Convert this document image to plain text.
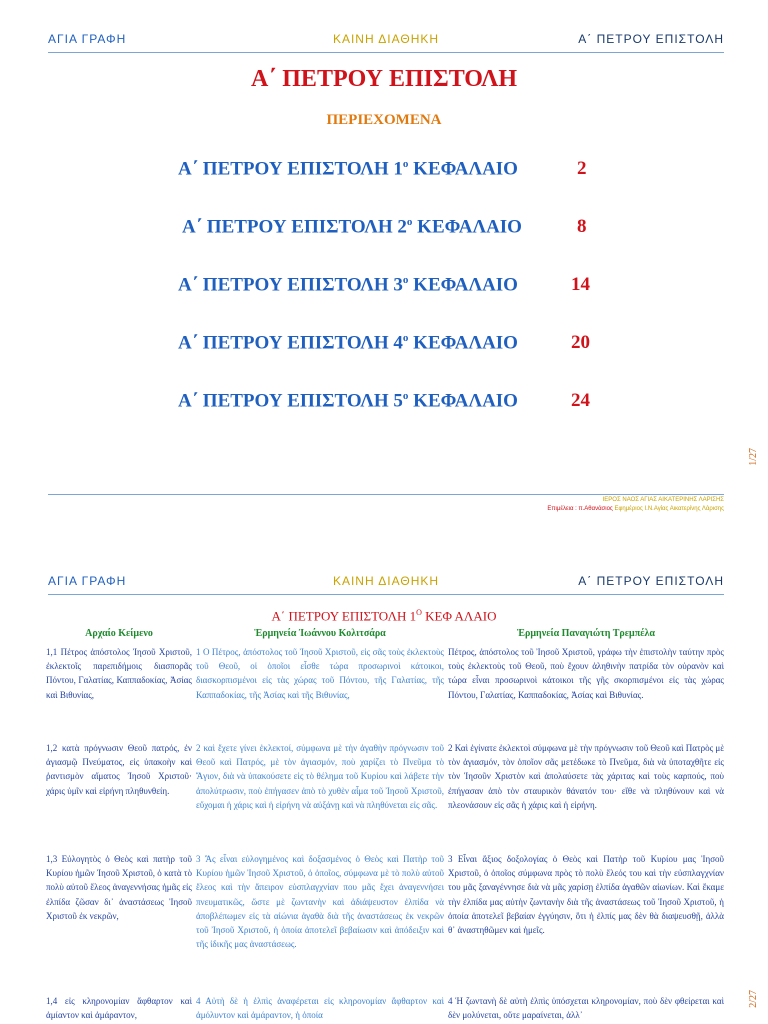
ΑΓΙΑ ΓΡΑΦΗ	ΚΑΙΝΗ ΔΙΑΘΗΚΗ	Α΄ ΠΕΤΡΟΥ ΕΠΙΣΤΟΛΗ
Α΄ ΠΕΤΡΟΥ ΕΠΙΣΤΟΛΗ
ΠΕΡΙΕΧΟΜΕΝΑ
Α΄ ΠΕΤΡΟΥ ΕΠΙΣΤΟΛΗ $1^o$ ΚΕΦΑΛΑΙΟ	2
Α΄ ΠΕΤΡΟΥ ΕΠΙΣΤΟΛΗ $2^o$ ΚΕΦΑΛΑΙΟ	8
Α΄ ΠΕΤΡΟΥ ΕΠΙΣΤΟΛΗ $3^o$ ΚΕΦΑΛΑΙΟ	14
Α΄ ΠΕΤΡΟΥ ΕΠΙΣΤΟΛΗ $4^o$ ΚΕΦΑΛΑΙΟ	20
Α΄ ΠΕΤΡΟΥ ΕΠΙΣΤΟΛΗ $5^o$ ΚΕΦΑΛΑΙΟ	24
1/27
ΙΕΡΟΣ ΝΑΟΣ ΑΓΙΑΣ ΑΙΚΑΤΕΡΙΝΗΣ ΛΑΡΙΣΗΣ
Επιμέλεια : π.Αθανάσιος Εφημέριος Ι.Ν.Αγίας Αικατερίνης Λάρισης
ΑΓΙΑ ΓΡΑΦΗ	ΚΑΙΝΗ ΔΙΑΘΗΚΗ	Α΄ ΠΕΤΡΟΥ ΕΠΙΣΤΟΛΗ
Α΄ ΠΕΤΡΟΥ ΕΠΙΣΤΟΛΗ $1^O$ ΚΕΦ ΑΛΑΙΟ
Αρχαίο Κείμενο	Ἑρμηνεία Ἰωάννου Κολιτσάρα	Ἑρμηνεία Παναγιώτη Τρεμπέλα
1,1 Πέτρος ἀπόστολος Ἰησοῦ Χριστοῦ, ἐκλεκτοῖς παρεπιδήμοις διασπορᾶς Πόντου, Γαλατίας, Καππαδοκίας, Ἀσίας καὶ Βιθυνίας,
1 Ο Πέτρος, ἀπόστολος τοῦ Ἰησοῦ Χριστοῦ, εἰς σᾶς τοὺς ἐκλεκτοὺς τοῦ Θεοῦ, οἱ ὁποῖοι εἶσθε τώρα προσωρινοὶ κάτοικοι, διασκορπισμένοι εἰς τὰς χώρας τοῦ Πόντου, τῆς Γαλατίας, τῆς Καππαδοκίας, τῆς Ἀσίας καὶ τῆς Βιθυνίας,
Πέτρος, ἀπόστολος τοῦ Ἰησοῦ Χριστοῦ, γράφω τὴν ἐπιστολὴν ταύτην πρὸς τοὺς ἐκλεκτοὺς τοῦ Θεοῦ, ποὺ ἔχουν ἀληθινὴν πατρίδα τὸν οὐρανὸν καὶ τώρα εἶναι προσωρινοὶ κάτοικοι τῆς γῆς σκορπισμένοι εἰς τὰς χώρας Πόντου, Γαλατίας, Καππαδοκίας, Ἀσίας καὶ Βιθυνίας.
1,2 κατὰ πρόγνωσιν Θεοῦ πατρός, ἐν ἁγιασμῷ Πνεύματος, εἰς ὑπακοὴν καὶ ῥαντισμὸν αἵματος Ἰησοῦ Χριστοῦ· χάρις ὑμῖν καὶ εἰρήνη πληθυνθείη.
2 καὶ ἔχετε γίνει ἐκλεκτοί, σύμφωνα μὲ τὴν ἀγαθὴν πρόγνωσιν τοῦ Θεοῦ καὶ Πατρός, μὲ τὸν ἁγιασμόν, ποὺ χαρίζει τὸ Πνεῦμα τὸ Ἅγιον, διὰ νὰ ὑπακούσετε εἰς τὸ θέλημα τοῦ Κυρίου καὶ λάβετε τὴν ἀπολύτρωσιν, ποὺ ἐπήγασεν ἀπὸ τὸ χυθὲν αἷμα τοῦ Ἰησοῦ Χριστοῦ, εὔχομαι ἡ χάρις καὶ ἡ εἰρήνη νὰ αὐξάνῃ καὶ νὰ πληθύνεται εἰς σᾶς.
2 Καὶ ἐγίνατε ἐκλεκτοὶ σύμφωνα μὲ τὴν πρόγνωσιν τοῦ Θεοῦ καὶ Πατρὸς μὲ τὸν ἁγιασμόν, τὸν ὁποῖον σᾶς μετέδωκε τὸ Πνεῦμα, διὰ νὰ ὑποταχθῆτε εἰς τὸν Ἰησοῦν Χριστὸν καὶ ἀπολαύσετε τὰς χάριτας καὶ τοὺς καρπούς, ποὺ ἐπήγασαν ἀπὸ τὸν σταυρικὸν θάνατόν του· εἴθε νὰ πληθύνουν καὶ νὰ πλεονάσουν εἰς σᾶς ἡ χάρις καὶ ἡ εἰρήνη.
1,3 Εὐλογητὸς ὁ Θεὸς καὶ πατὴρ τοῦ Κυρίου ἡμῶν Ἰησοῦ Χριστοῦ, ὁ κατὰ τὸ πολὺ αὐτοῦ ἔλεος ἀναγεννήσας ἡμᾶς εἰς ἐλπίδα ζῶσαν δι᾿ ἀναστάσεως Ἰησοῦ Χριστοῦ ἐκ νεκρῶν,
3 Ἂς εἶναι εὐλογημένος καὶ δοξασμένος ὁ Θεὸς καὶ Πατὴρ τοῦ Κυρίου ἡμῶν Ἰησοῦ Χριστοῦ, ὁ ὁποῖος, σύμφωνα μὲ τὸ πολὺ αὐτοῦ ἔλεος καὶ τὴν ἄπειρον εὐσπλαγχνίαν που μᾶς ἔχει ἀναγεννήσει πνευματικῶς, ὥστε μὲ ζωντανὴν καὶ ἀδιάψευστον ἐλπίδα νὰ ἀποβλέπωμεν εἰς τὰ αἰώνια ἀγαθὰ διὰ τῆς ἀναστάσεως ἐκ νεκρῶν τοῦ Ἰησοῦ Χριστοῦ, ἡ ὁποία ἀποτελεῖ βεβαίωσιν καὶ ἀπόδειξιν καὶ τῆς ἰδικῆς μας ἀναστάσεως.
3 Εἶναι ἄξιος δοξολογίας ὁ Θεὸς καὶ Πατὴρ τοῦ Κυρίου μας Ἰησοῦ Χριστοῦ, ὁ ὁποῖος σύμφωνα πρὸς τὸ πολὺ ἔλεός του καὶ τὴν εὐσπλαγχνίαν του μᾶς ξαναγέννησε διὰ νὰ μᾶς χαρίσῃ ἐλπίδα ἀγαθῶν αἰωνίων. Καὶ ἔκαμε τὴν ἐλπίδα μας αὐτὴν ζωντανὴν διὰ τῆς ἀναστάσεως τοῦ Ἰησοῦ Χριστοῦ, ἡ ὁποία ἀποτελεῖ βεβαίαν ἐγγύησιν, ὅτι ἡ ἐλπίς μας δὲν θὰ διαψευσθῇ, ἀλλὰ θ᾿ ἀναστηθῶμεν καὶ ἡμεῖς.
1,4 εἰς κληρονομίαν ἄφθαρτον καὶ ἀμίαντον καὶ ἀμάραντον,
4 Αὐτὴ δὲ ἡ ἐλπὶς ἀναφέρεται εἰς κληρονομίαν ἄφθαρτον καὶ ἀμόλυντον καὶ ἀμάραντον, ἡ ὁποία
4 Ἡ ζωντανὴ δὲ αὐτὴ ἐλπὶς ὑπόσχεται κληρονομίαν, ποὺ δὲν φθείρεται καὶ δὲν μολύνεται, οὔτε μαραίνεται, ἀλλ᾿
2/27
